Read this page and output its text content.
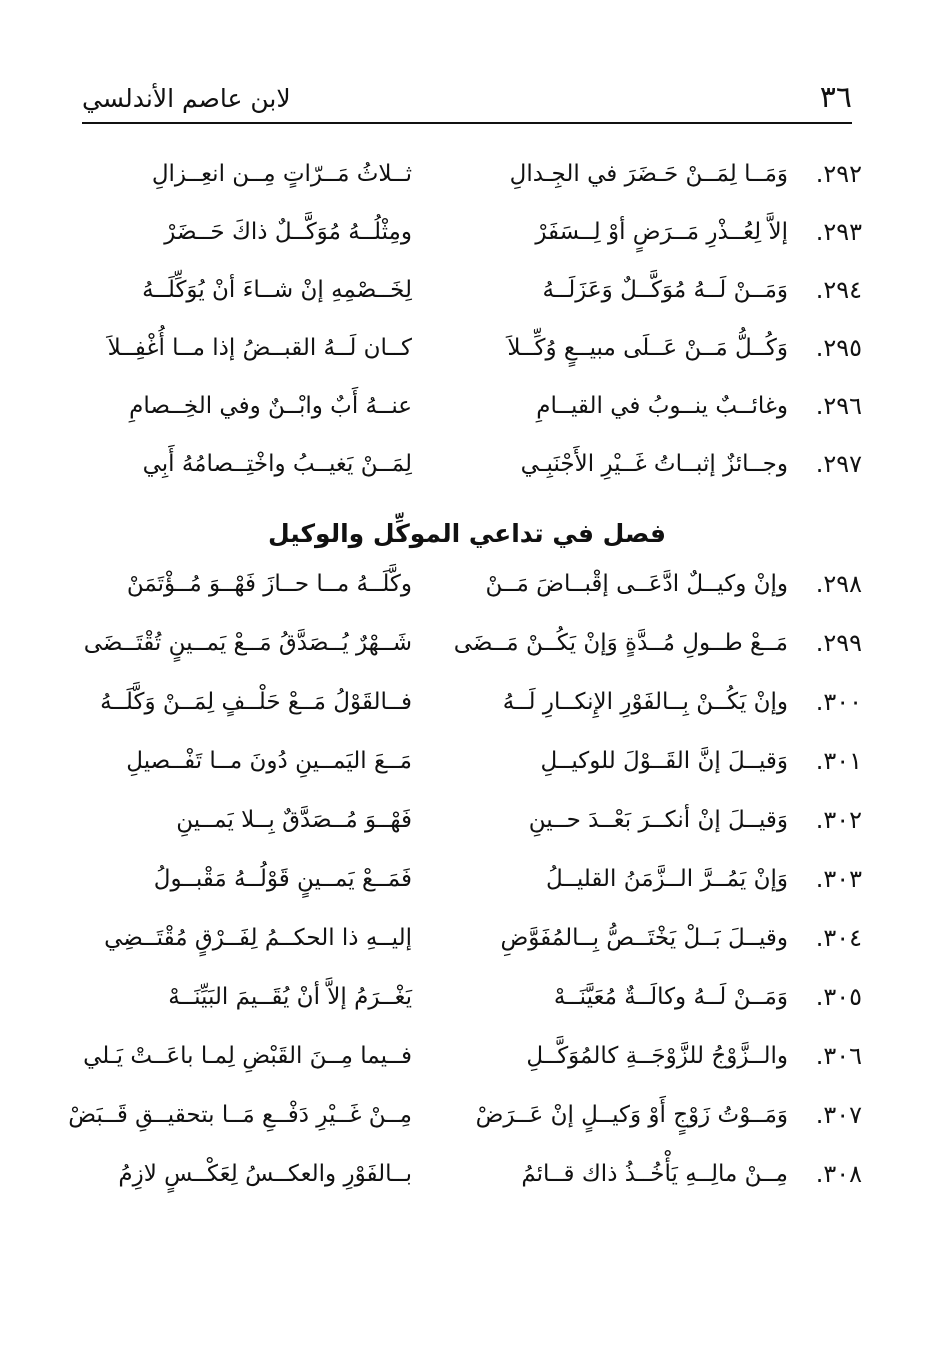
٣٦
لابن عاصم الأندلسي
٢٩٢.
وَمَــا لِمَــنْ حَـضَرَ في الجِـدالِ
ثــلاثُ مَــرّاتٍ مِــن انعِــزالِ
٢٩٣.
إلاَّ لِعُــذْرِ مَــرَضٍ أوْ لِــسَفَرْ
ومِثْلُــهُ مُوَكَّــلٌ ذاكَ حَــضَرْ
٢٩٤.
وَمَــنْ لَــهُ مُوَكَّــلٌ وَعَزَلَــهُ
لِخَــصْمِهِ إنْ شــاءَ أنْ يُوَكِّلَــهُ
٢٩٥.
وَكُــلُّ مَــنْ عَــلَى مبيــعٍ وُكِّــلاَ
كــان لَــهُ القبــضُ إذا مــا أُغْفِــلاَ
٢٩٦.
وغائــبٌ ينــوبُ في القيــامِ
عنــهُ أَبٌ وابْــنٌ وفي الخِــصامِ
٢٩٧.
وجــائزٌ إثبــاتُ غَــيْرِ الأَجْنَبِـي
لِمَــنْ يَغيــبُ واخْتِــصامُهُ أَبِي
فصل في تداعي الموكِّل والوكيل
٢٩٨.
وإنْ وكيــلٌ ادَّعَــى إقْبــاضَ مَــنْ
وكَّلَــهُ مــا حــازَ فَهْــوَ مُــؤْتَمَنْ
٢٩٩.
مَــعْ طــولِ مُــدَّةٍ وَإنْ يَكُــنْ مَــضَى
شَــهْرٌ يُــصَدَّقُ مَــعْ يَمــينٍ تُقْتَــضَى
٣٠٠.
وإنْ يَكُــنْ بِــالفَوْرِ الإِنكــارِ لَــهُ
فــالقَوْلُ مَــعْ حَلْــفٍ لِمَــنْ وَكَّلَــهُ
٣٠١.
وَقيــلَ إنَّ القَــوْلَ للوكيــلِ
مَــعَ اليَمــينِ دُونَ مــا تَفْــصيلِ
٣٠٢.
وَقيــلَ إنْ أنكــرَ بَعْــدَ حــينِ
فَهْــوَ مُــصَدَّقٌ بِــلا يَمــينِ
٣٠٣.
وَإنْ يَمُــرَّ الــزَّمَنُ القليــلُ
فَمَــعْ يَمــينٍ قَوْلُــهُ مَقْبــولُ
٣٠٤.
وقيــلَ بَــلْ يَخْتَــصُّ بِــالمُفَوَّضِ
إليــهِ ذا الحكــمُ لِفَــرْقٍ مُقْتَــضِي
٣٠٥.
وَمَــنْ لَــهُ وكالَــةٌ مُعَيَّنَــهْ
يَغْــرَمُ إلاَّ أنْ يُقَــيمَ البَيِّنَــهْ
٣٠٦.
والــزَّوْجُ للزَّوْجَــةِ كالمُوَكَّــلِ
فــيما مِــنَ القَبْضِ لِمـا باعَــتْ يَـلي
٣٠٧.
وَمَــوْتُ زَوْجٍ أَوْ وَكيــلٍ إنْ عَــرَضْ
مِــنْ غَــيْرِ دَفْــعِ مَــا بتحقيــقِ قَــبَضْ
٣٠٨.
مِــنْ مالِــهِ يَأْخُــذُ ذاك قــائمُ
بــالفَوْرِ والعكــسُ لِعَكْــسٍ لازِمُ
